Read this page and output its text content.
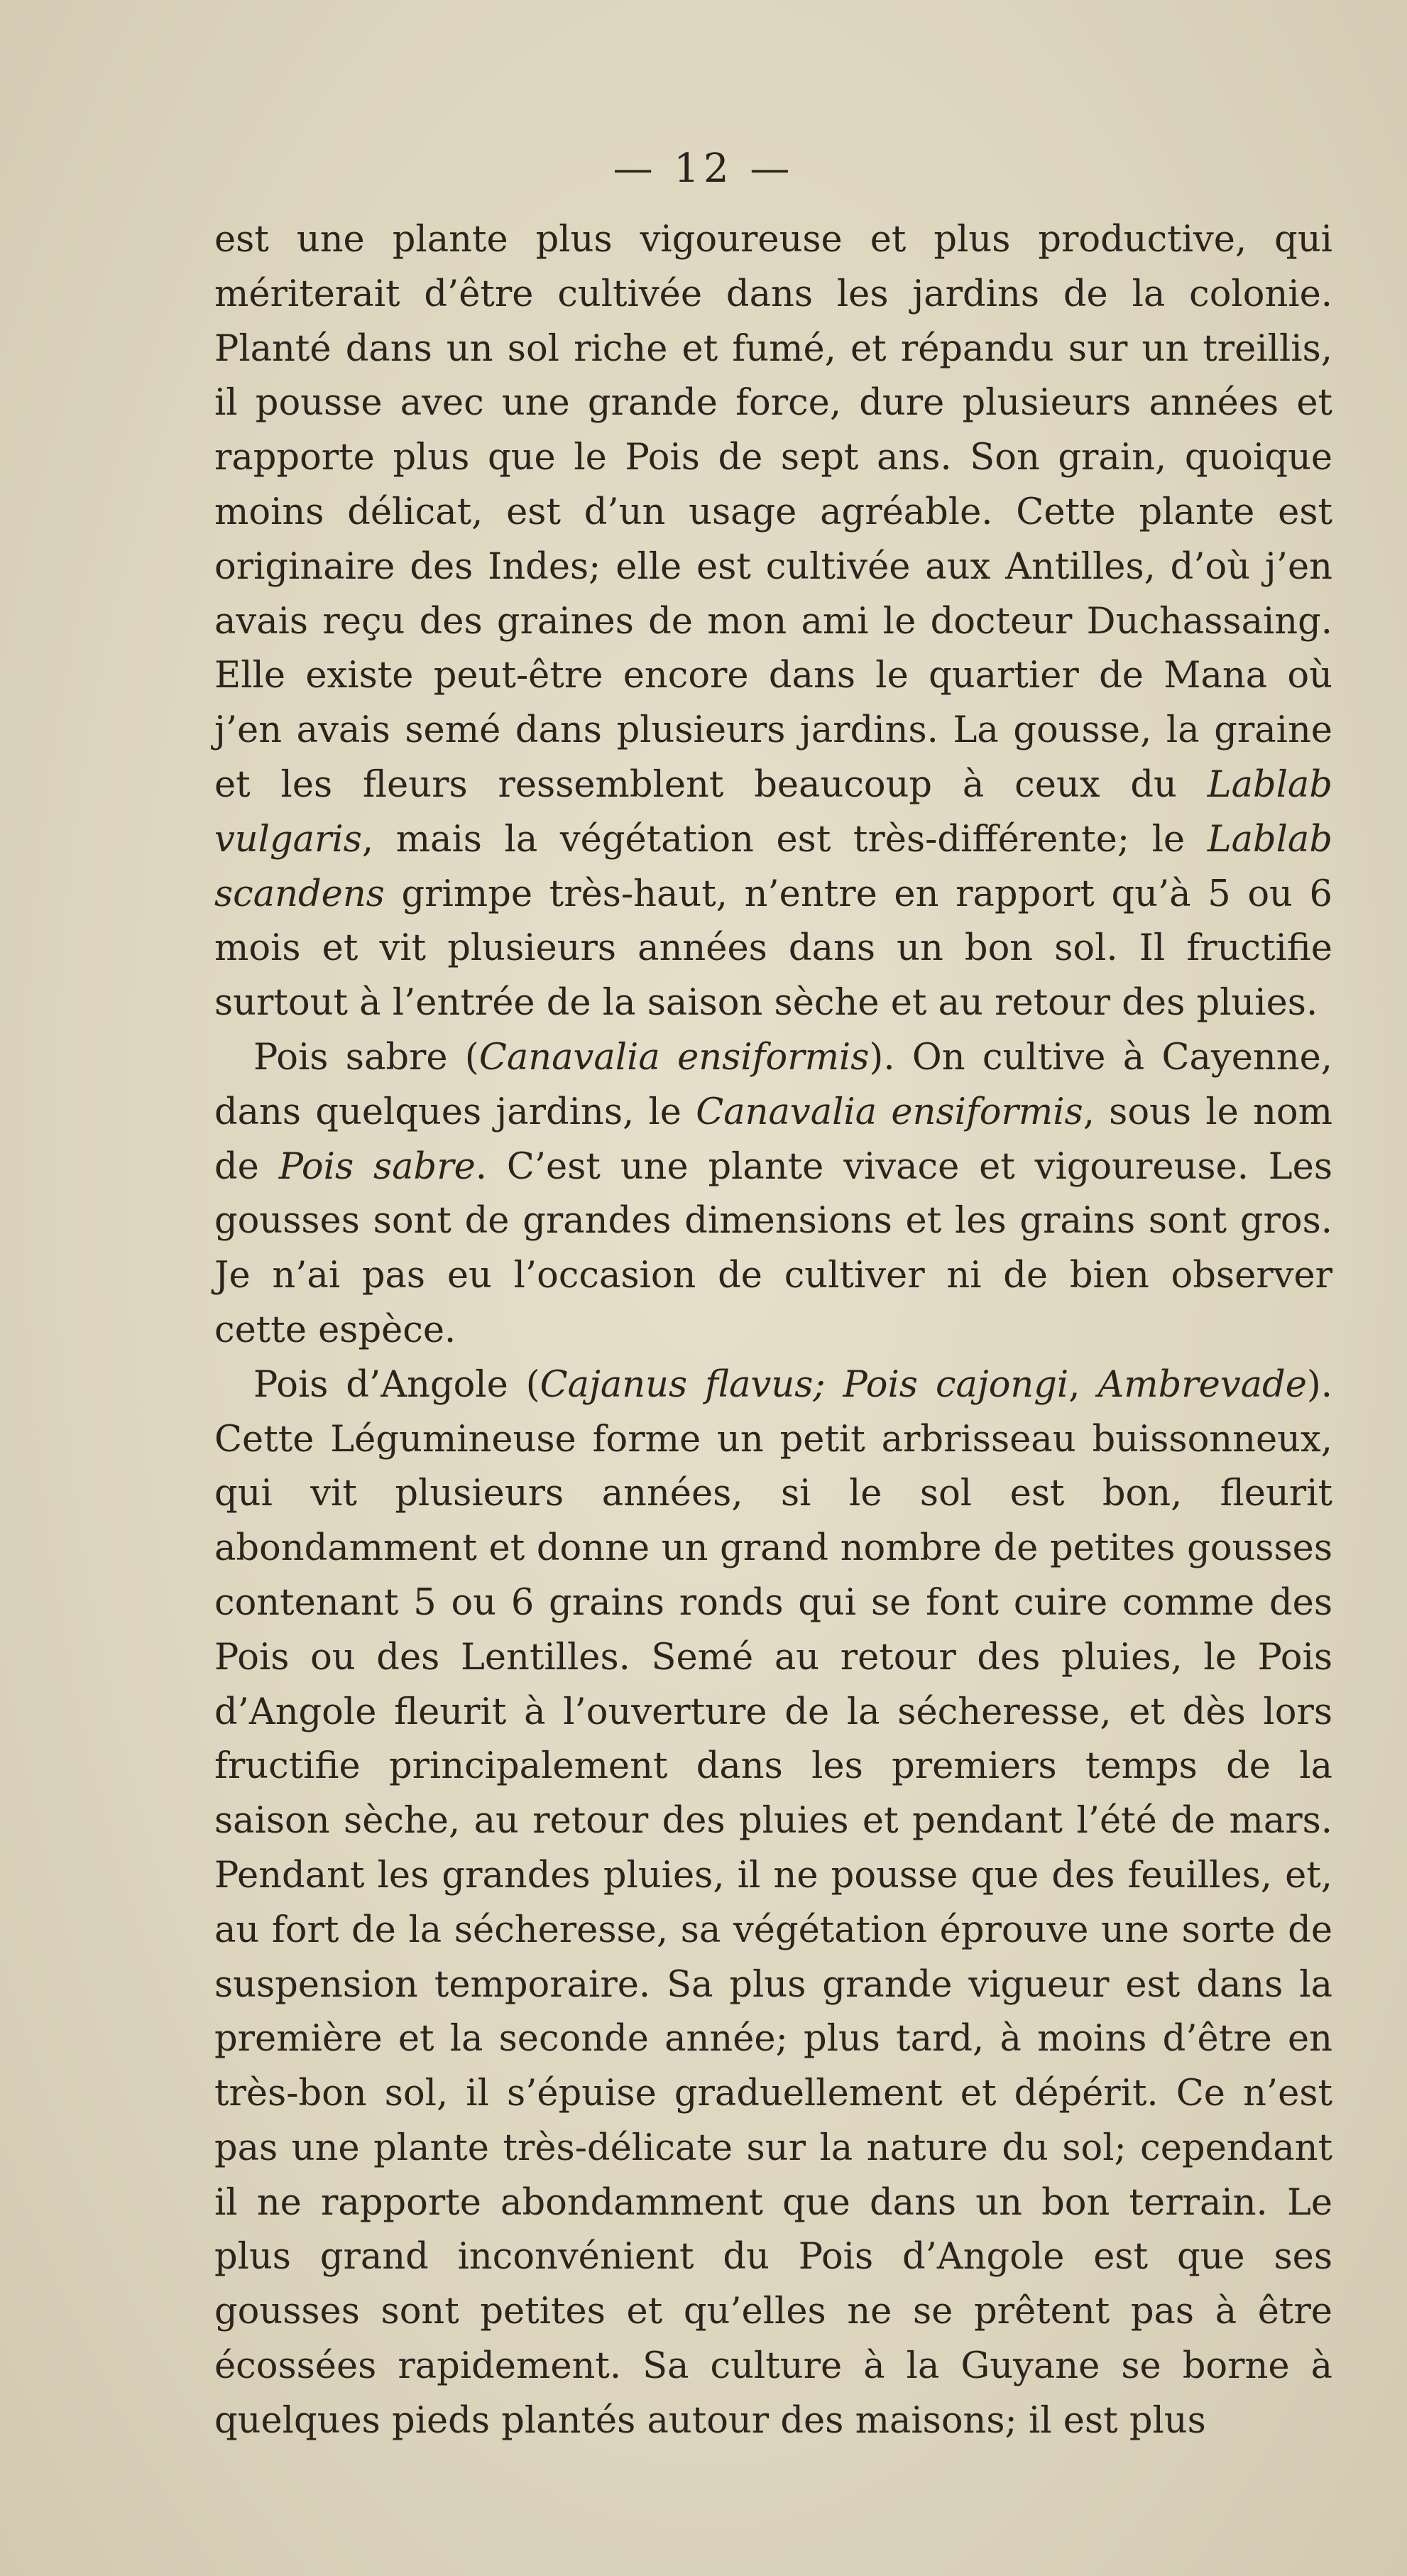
— 12 —

est une plante plus vigoureuse et plus productive, qui mériterait d’être cultivée dans les jardins de la colonie. Planté dans un sol riche et fumé, et répandu sur un treillis, il pousse avec une grande force, dure plusieurs années et rapporte plus que le Pois de sept ans. Son grain, quoique moins délicat, est d’un usage agréable. Cette plante est originaire des Indes; elle est cultivée aux Antilles, d’où j’en avais reçu des graines de mon ami le docteur Duchassaing. Elle existe peut-être encore dans le quartier de Mana où j’en avais semé dans plusieurs jardins. La gousse, la graine et les fleurs ressemblent beaucoup à ceux du Lablab vulgaris, mais la végétation est très-différente; le Lablab scandens grimpe très-haut, n’entre en rapport qu’à 5 ou 6 mois et vit plusieurs années dans un bon sol. Il fructifie surtout à l’entrée de la saison sèche et au retour des pluies.

Pois sabre (Canavalia ensiformis). On cultive à Cayenne, dans quelques jardins, le Canavalia ensiformis, sous le nom de Pois sabre. C’est une plante vivace et vigoureuse. Les gousses sont de grandes dimensions et les grains sont gros. Je n’ai pas eu l’occasion de cultiver ni de bien observer cette espèce.

Pois d’Angole (Cajanus flavus; Pois cajongi, Ambrevade). Cette Légumineuse forme un petit arbrisseau buissonneux, qui vit plusieurs années, si le sol est bon, fleurit abondamment et donne un grand nombre de petites gousses contenant 5 ou 6 grains ronds qui se font cuire comme des Pois ou des Lentilles. Semé au retour des pluies, le Pois d’Angole fleurit à l’ouverture de la sécheresse, et dès lors fructifie principalement dans les premiers temps de la saison sèche, au retour des pluies et pendant l’été de mars. Pendant les grandes pluies, il ne pousse que des feuilles, et, au fort de la sécheresse, sa végétation éprouve une sorte de suspension temporaire. Sa plus grande vigueur est dans la première et la seconde année; plus tard, à moins d’être en très-bon sol, il s’épuise graduellement et dépérit. Ce n’est pas une plante très-délicate sur la nature du sol; cependant il ne rapporte abondamment que dans un bon terrain. Le plus grand inconvénient du Pois d’Angole est que ses gousses sont petites et qu’elles ne se prêtent pas à être écossées rapidement. Sa culture à la Guyane se borne à quelques pieds plantés autour des maisons; il est plus
